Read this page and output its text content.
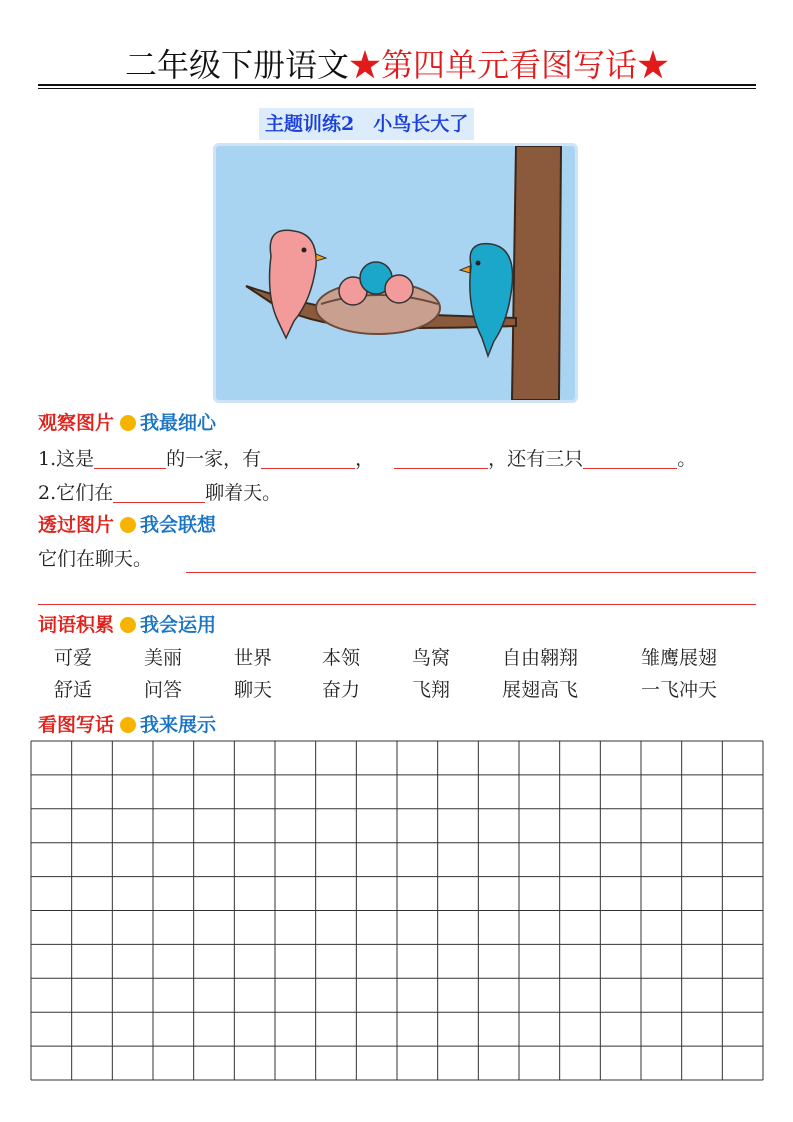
二年级下册语文★第四单元看图写话★
主题训练2　小鸟长大了
观察图片 我最细心
1.这是	的一家，有	，	，还有三只	。
2.它们在	聊着天。
透过图片 我会联想
它们在聊天。
词语积累 我会运用
可爱	美丽	世界	本领	鸟窝	自由翱翔	雏鹰展翅
舒适	问答	聊天	奋力	飞翔	展翅高飞	一飞冲天
看图写话 我来展示
